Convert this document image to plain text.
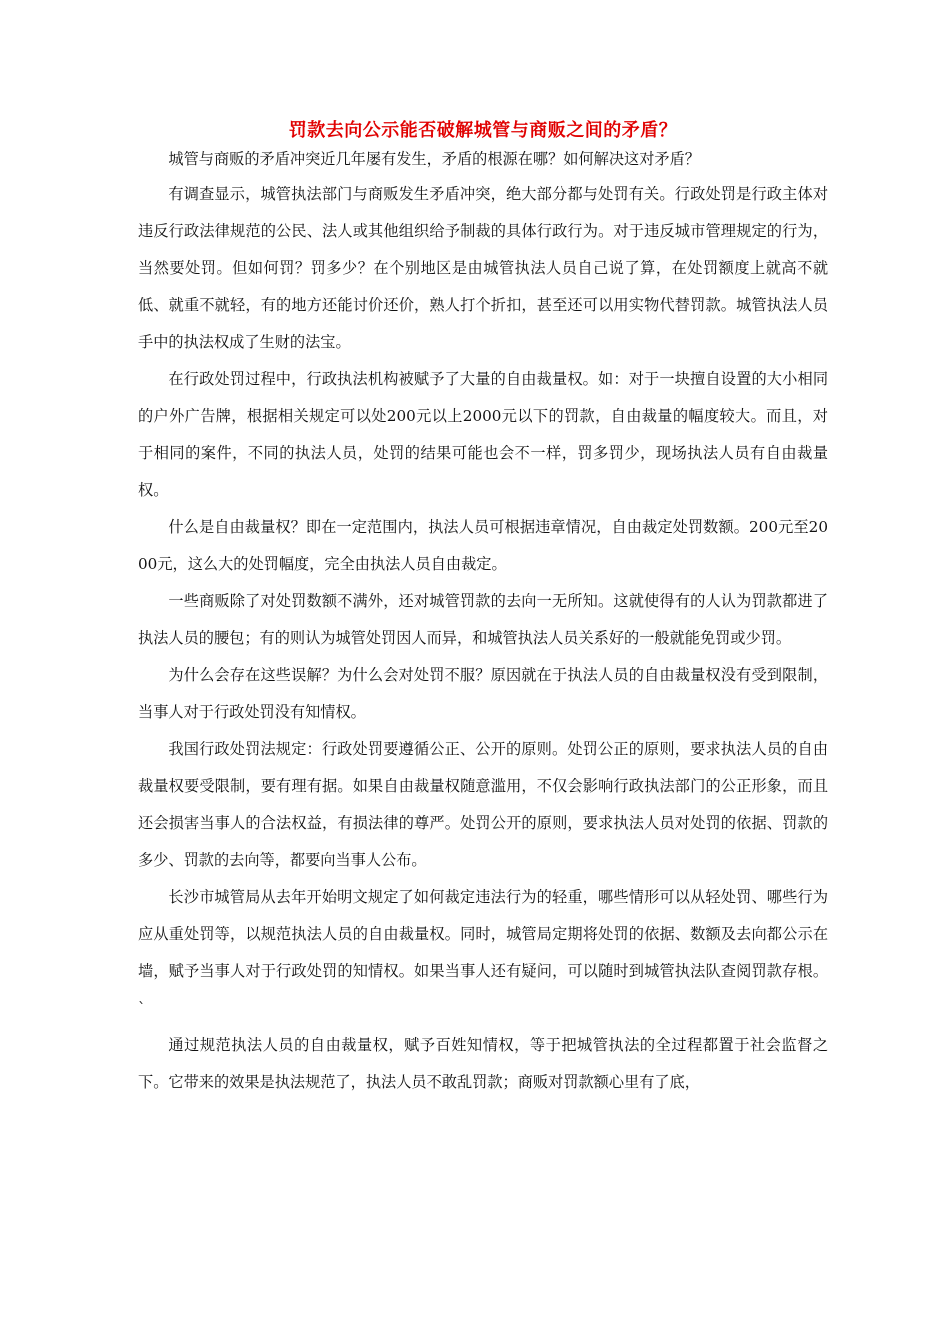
罚款去向公示能否破解城管与商贩之间的矛盾？

城管与商贩的矛盾冲突近几年屡有发生，矛盾的根源在哪？如何解决这对矛盾？

有调查显示，城管执法部门与商贩发生矛盾冲突，绝大部分都与处罚有关。行政处罚是行政主体对违反行政法律规范的公民、法人或其他组织给予制裁的具体行政行为。对于违反城市管理规定的行为，当然要处罚。但如何罚？罚多少？在个别地区是由城管执法人员自己说了算，在处罚额度上就高不就低、就重不就轻，有的地方还能讨价还价，熟人打个折扣，甚至还可以用实物代替罚款。城管执法人员手中的执法权成了生财的法宝。

在行政处罚过程中，行政执法机构被赋予了大量的自由裁量权。如：对于一块擅自设置的大小相同的户外广告牌，根据相关规定可以处200元以上2000元以下的罚款，自由裁量的幅度较大。而且，对于相同的案件，不同的执法人员，处罚的结果可能也会不一样，罚多罚少，现场执法人员有自由裁量权。

什么是自由裁量权？即在一定范围内，执法人员可根据违章情况，自由裁定处罚数额。200元至2000元，这么大的处罚幅度，完全由执法人员自由裁定。

一些商贩除了对处罚数额不满外，还对城管罚款的去向一无所知。这就使得有的人认为罚款都进了执法人员的腰包；有的则认为城管处罚因人而异，和城管执法人员关系好的一般就能免罚或少罚。

为什么会存在这些误解？为什么会对处罚不服？原因就在于执法人员的自由裁量权没有受到限制，当事人对于行政处罚没有知情权。

我国行政处罚法规定：行政处罚要遵循公正、公开的原则。处罚公正的原则，要求执法人员的自由裁量权要受限制，要有理有据。如果自由裁量权随意滥用，不仅会影响行政执法部门的公正形象，而且还会损害当事人的合法权益，有损法律的尊严。处罚公开的原则，要求执法人员对处罚的依据、罚款的多少、罚款的去向等，都要向当事人公布。

长沙市城管局从去年开始明文规定了如何裁定违法行为的轻重，哪些情形可以从轻处罚、哪些行为应从重处罚等，以规范执法人员的自由裁量权。同时，城管局定期将处罚的依据、数额及去向都公示在墙，赋予当事人对于行政处罚的知情权。如果当事人还有疑问，可以随时到城管执法队查阅罚款存根。 `

通过规范执法人员的自由裁量权，赋予百姓知情权，等于把城管执法的全过程都置于社会监督之下。它带来的效果是执法规范了，执法人员不敢乱罚款；商贩对罚款额心里有了底，
